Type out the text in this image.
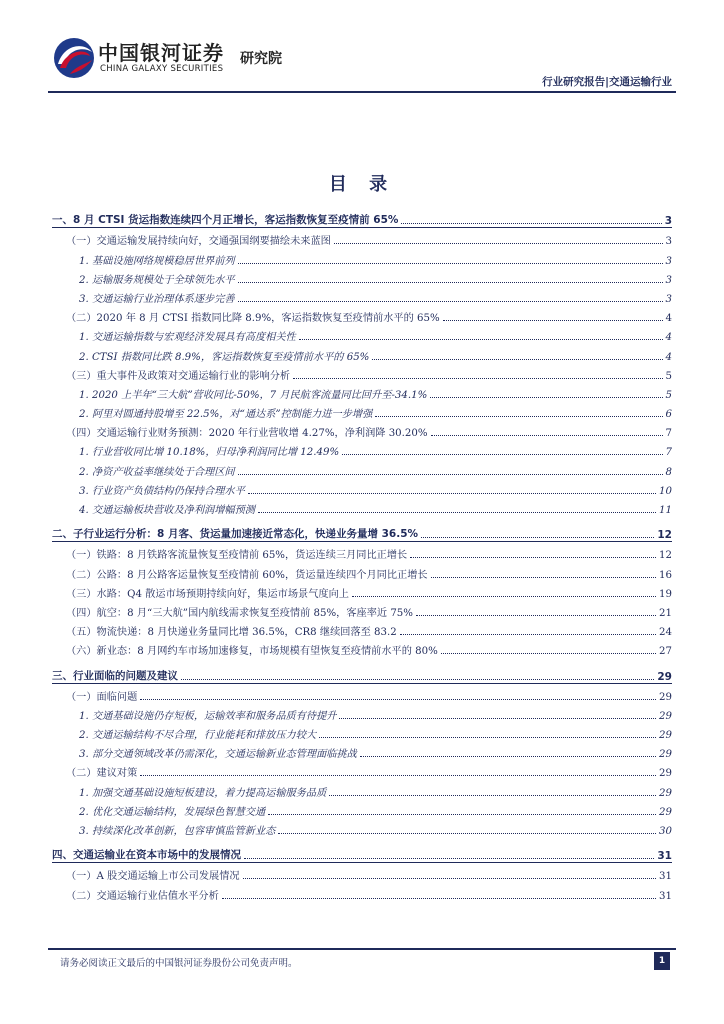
中国银河证券
CHINA GALAXY SECURITIES
研究院
行业研究报告|交通运输行业
目 录
一、8 月 CTSI 货运指数连续四个月正增长，客运指数恢复至疫情前 65%	3
（一）交通运输发展持续向好，交通强国纲要描绘未来蓝图	3
1. 基础设施网络规模稳居世界前列	3
2. 运输服务规模处于全球领先水平	3
3. 交通运输行业治理体系逐步完善	3
（二）2020 年 8 月 CTSI 指数同比降 8.9%，客运指数恢复至疫情前水平的 65%	4
1. 交通运输指数与宏观经济发展具有高度相关性	4
2. CTSI 指数同比跌 8.9%，客运指数恢复至疫情前水平的 65%	4
（三）重大事件及政策对交通运输行业的影响分析	5
1. 2020 上半年“三大航”营收同比-50%，7 月民航客流量同比回升至-34.1%	5
2. 阿里对圆通持股增至 22.5%，对“通达系”控制能力进一步增强	6
（四）交通运输行业财务预测：2020 年行业营收增 4.27%，净利润降 30.20%	7
1. 行业营收同比增 10.18%，归母净利润同比增 12.49%	7
2. 净资产收益率继续处于合理区间	8
3. 行业资产负债结构仍保持合理水平	10
4. 交通运输板块营收及净利润增幅预测	11
二、子行业运行分析：8 月客、货运量加速接近常态化，快递业务量增 36.5%	12
（一）铁路：8 月铁路客流量恢复至疫情前 65%，货运连续三月同比正增长	12
（二）公路：8 月公路客运量恢复至疫情前 60%，货运量连续四个月同比正增长	16
（三）水路：Q4 散运市场预期持续向好，集运市场景气度向上	19
（四）航空：8 月“三大航”国内航线需求恢复至疫情前 85%，客座率近 75%	21
（五）物流快递：8 月快递业务量同比增 36.5%，CR8 继续回落至 83.2	24
（六）新业态：8 月网约车市场加速修复，市场规模有望恢复至疫情前水平的 80%	27
三、行业面临的问题及建议	29
（一）面临问题	29
1. 交通基础设施仍存短板，运输效率和服务品质有待提升	29
2. 交通运输结构不尽合理，行业能耗和排放压力较大	29
3. 部分交通领域改革仍需深化，交通运输新业态管理面临挑战	29
（二）建议对策	29
1. 加强交通基础设施短板建设，着力提高运输服务品质	29
2. 优化交通运输结构，发展绿色智慧交通	29
3. 持续深化改革创新，包容审慎监管新业态	30
四、交通运输业在资本市场中的发展情况	31
（一）A 股交通运输上市公司发展情况	31
（二）交通运输行业估值水平分析	31
请务必阅读正文最后的中国银河证券股份公司免责声明。	1
